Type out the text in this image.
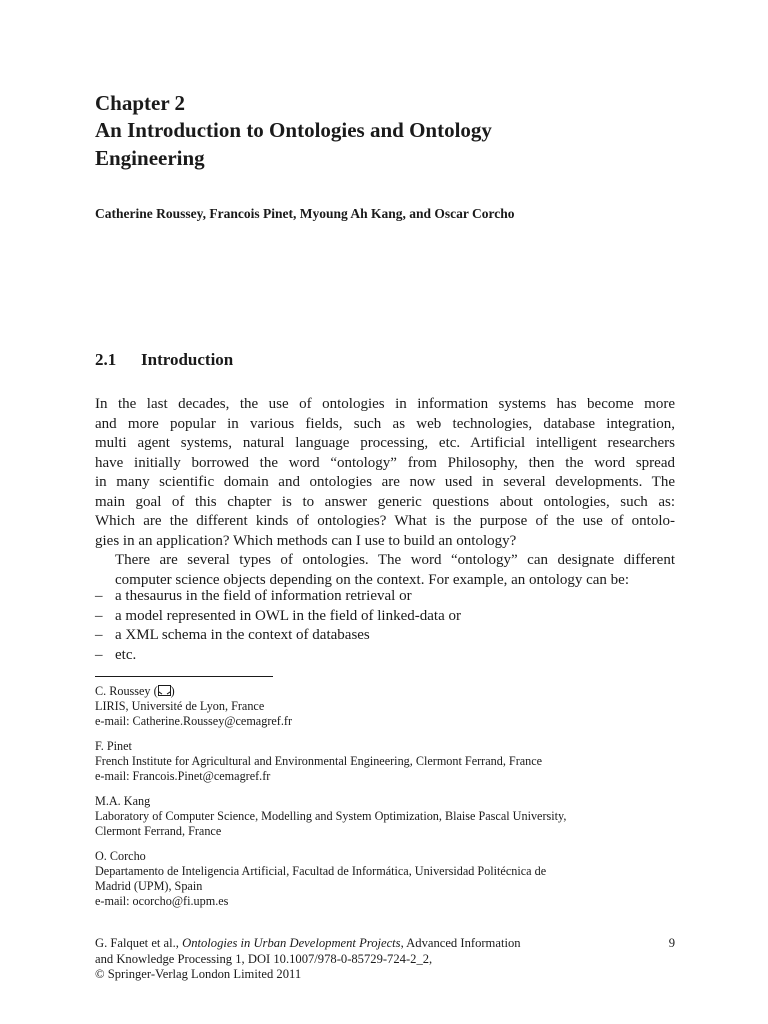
Chapter 2
An Introduction to Ontologies and Ontology
Engineering
Catherine Roussey, Francois Pinet, Myoung Ah Kang, and Oscar Corcho
2.1 Introduction

In the last decades, the use of ontologies in information systems has become more
and more popular in various fields, such as web technologies, database integration,
multi agent systems, natural language processing, etc. Artificial intelligent researchers
have initially borrowed the word “ontology” from Philosophy, then the word spread
in many scientific domain and ontologies are now used in several developments. The
main goal of this chapter is to answer generic questions about ontologies, such as:
Which are the different kinds of ontologies? What is the purpose of the use of ontolo-
gies in an application? Which methods can I use to build an ontology?

There are several types of ontologies. The word “ontology” can designate different
computer science objects depending on the context. For example, an ontology can be:

– a thesaurus in the field of information retrieval or
– a model represented in OWL in the field of linked-data or
– a XML schema in the context of databases
– etc.
C. Roussey ( )
LIRIS, Université de Lyon, France
e-mail: Catherine.Roussey@cemagref.fr
F. Pinet
French Institute for Agricultural and Environmental Engineering, Clermont Ferrand, France
e-mail: Francois.Pinet@cemagref.fr
M.A. Kang
Laboratory of Computer Science, Modelling and System Optimization, Blaise Pascal University,
Clermont Ferrand, France
O. Corcho
Departamento de Inteligencia Artificial, Facultad de Informática, Universidad Politécnica de
Madrid (UPM), Spain
e-mail: ocorcho@fi.upm.es
G. Falquet et al., Ontologies in Urban Development Projects, Advanced Information	9
and Knowledge Processing 1, DOI 10.1007/978-0-85729-724-2_2,
© Springer-Verlag London Limited 2011
